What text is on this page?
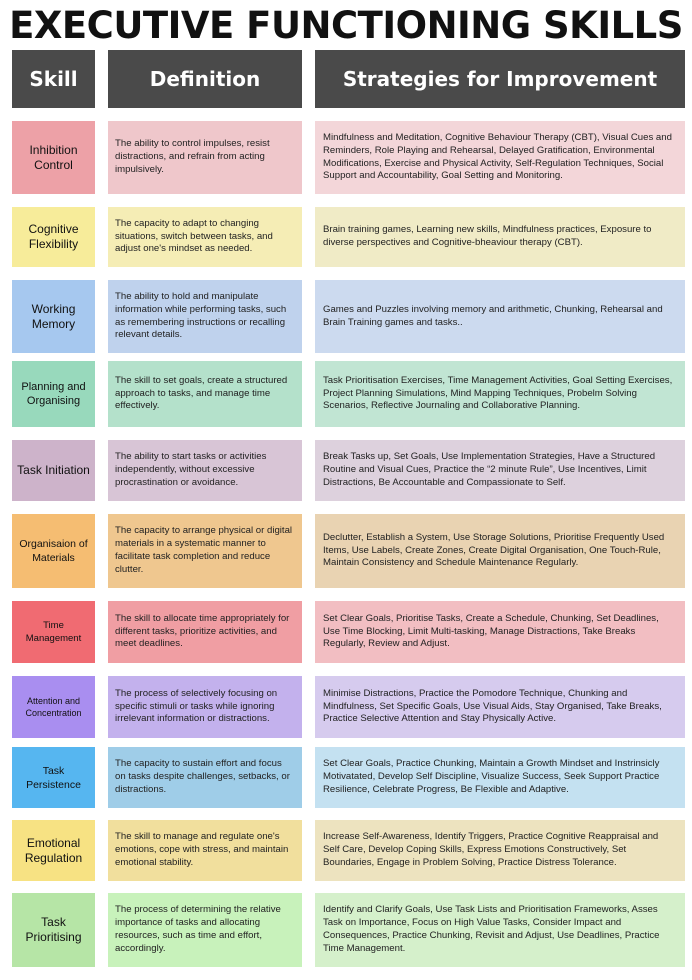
EXECUTIVE FUNCTIONING SKILLS
Skill	Definition	Strategies for Improvement
Inhibition Control
The ability to control impulses, resist distractions, and refrain from acting impulsively.
Mindfulness and Meditation, Cognitive Behaviour Therapy (CBT), Visual Cues and Reminders, Role Playing and Rehearsal, Delayed Gratification, Environmental Modifications, Exercise and Physical Activity, Self-Regulation Techniques, Social Support and Accountability, Goal Setting and Monitoring.
Cognitive Flexibility
The capacity to adapt to changing situations, switch between tasks, and adjust one's mindset as needed.
Brain training games, Learning new skills, Mindfulness practices, Exposure to diverse perspectives and Cognitive-bheaviour therapy (CBT).
Working Memory
The ability to hold and manipulate information while performing tasks, such as remembering instructions or recalling relevant details.
Games and Puzzles involving memory and arithmetic, Chunking, Rehearsal and Brain Training games and tasks..
Planning and Organising
The skill to set goals, create a structured approach to tasks, and manage time effectively.
Task Prioritisation Exercises, Time Management Activities, Goal Setting Exercises, Project Planning Simulations, Mind Mapping Techniques, Probelm Solving Scenarios, Reflective Journaling and Collaborative Planning.
Task Initiation
The ability to start tasks or activities independently, without excessive procrastination or avoidance.
Break Tasks up, Set Goals, Use Implementation Strategies, Have a Structured Routine and Visual Cues, Practice the “2 minute Rule”, Use Incentives, Limit Distractions, Be Accountable and Compassionate to Self.
Organisaion of Materials
The capacity to arrange physical or digital materials in a systematic manner to facilitate task completion and reduce clutter.
Declutter, Establish a System, Use Storage Solutions, Prioritise Frequently Used Items, Use Labels, Create Zones, Create Digital Organisation, One Touch-Rule, Maintain Consistency and Schedule Maintenance Regularly.
Time Management
The skill to allocate time appropriately for different tasks, prioritize activities, and meet deadlines.
Set Clear Goals, Prioritise Tasks, Create a Schedule, Chunking, Set Deadlines, Use Time Blocking, Limit Multi-tasking, Manage Distractions, Take Breaks Regularly, Review and Adjust.
Attention and Concentration
The process of selectively focusing on specific stimuli or tasks while ignoring irrelevant information or distractions.
Minimise Distractions, Practice the Pomodore Technique, Chunking and Mindfulness, Set Specific Goals, Use Visual Aids, Stay Organised, Take Breaks, Practice Selective Attention and Stay Physically Active.
Task Persistence
The capacity to sustain effort and focus on tasks despite challenges, setbacks, or distractions.
Set Clear Goals, Practice Chunking, Maintain a Growth Mindset and Instrinsicly Motivatated, Develop Self Discipline, Visualize Success, Seek Support Practice Resilience, Celebrate Progress, Be Flexible and Adaptive.
Emotional Regulation
The skill to manage and regulate one's emotions, cope with stress, and maintain emotional stability.
Increase Self-Awareness, Identify Triggers, Practice Cognitive Reappraisal and Self Care, Develop Coping Skills, Express Emotions Constructively, Set Boundaries, Engage in Problem Solving, Practice Distress Tolerance.
Task Prioritising
The process of determining the relative importance of tasks and allocating resources, such as time and effort, accordingly.
Identify and Clarify Goals, Use Task Lists and Prioritisation Frameworks, Asses Task on Importance, Focus on High Value Tasks, Consider Impact and Consequences, Practice Chunking, Revisit and Adjust, Use Deadlines, Practice Time Management.
